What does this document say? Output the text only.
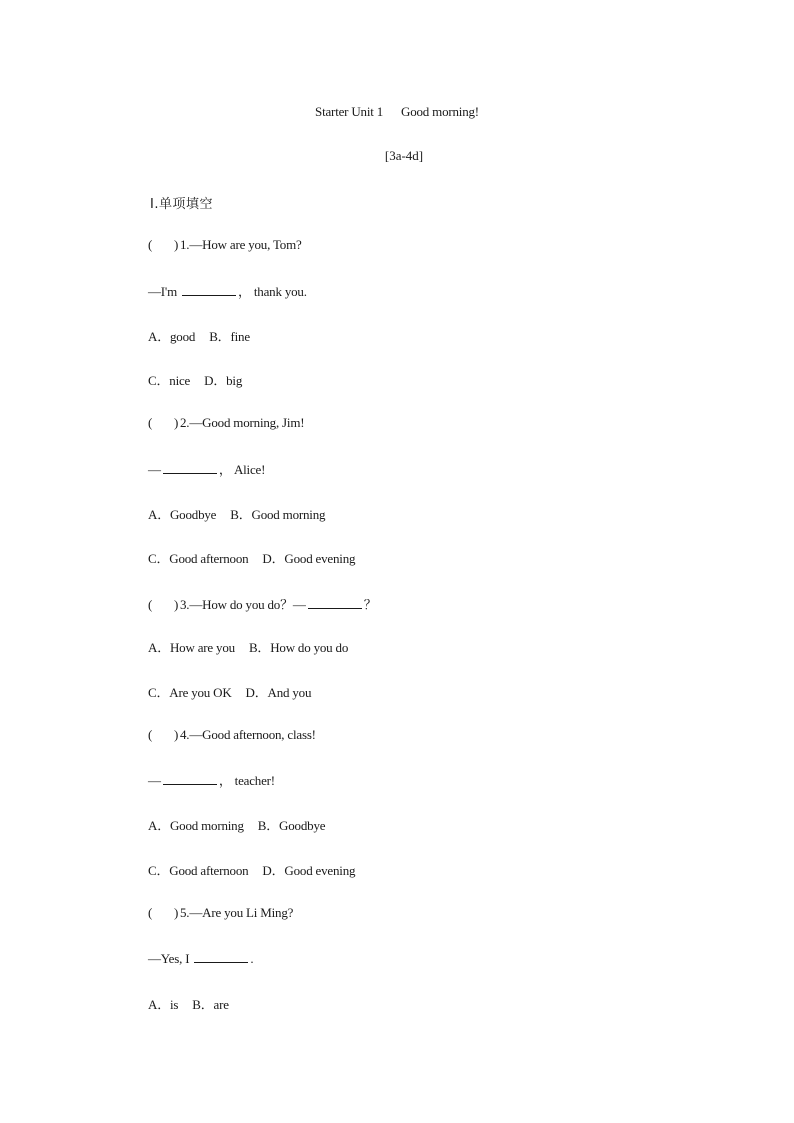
Starter Unit 1 Good morning!
[3a-4d]
Ⅰ.单项填空
( ) 1.—How are you, Tom?
—I'm	， thank you.
A．good B．fine
C．nice D．big
( ) 2.—Good morning, Jim!
—	， Alice!
A．Goodbye B．Good morning
C．Good afternoon D．Good evening
( ) 3.—How do you do？—	？
A．How are you B．How do you do
C．Are you OK D．And you
( ) 4.—Good afternoon, class!
—	， teacher!
A．Good morning B．Goodbye
C．Good afternoon D．Good evening
( ) 5.—Are you Li Ming?
—Yes, I	.
A．is B．are
